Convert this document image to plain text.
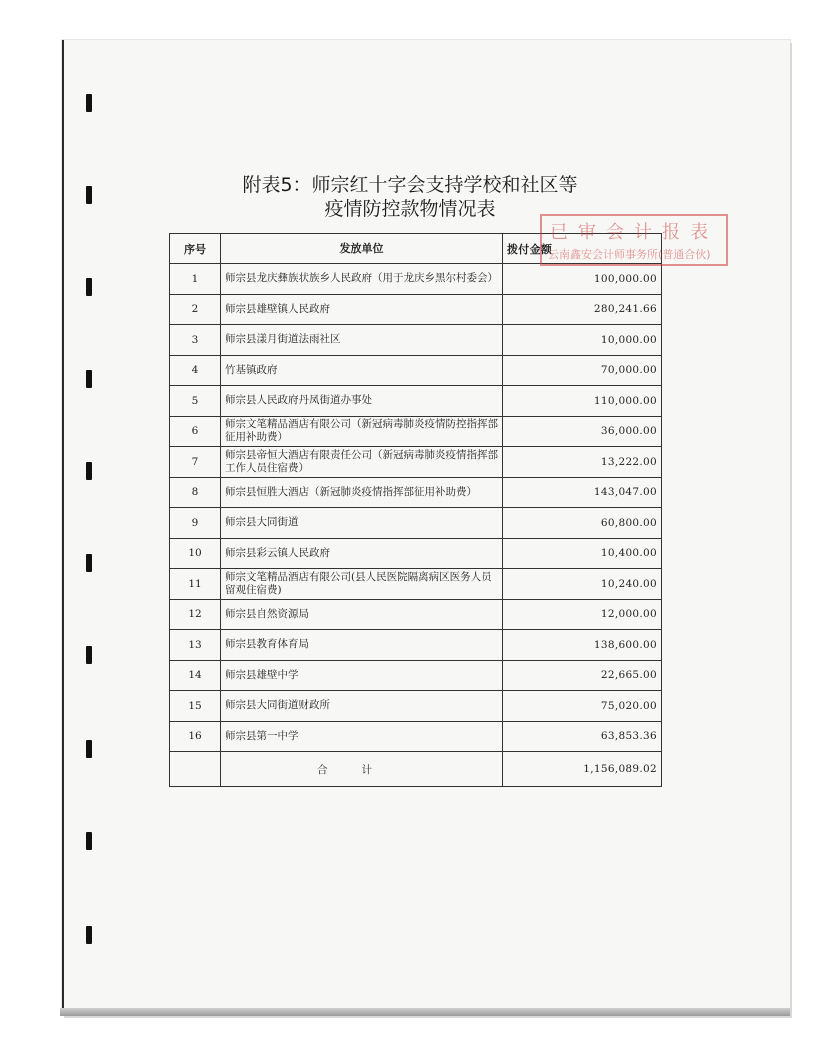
附表5：师宗红十字会支持学校和社区等
疫情防控款物情况表
序号	发放单位	拨付金额
1	师宗县龙庆彝族状族乡人民政府（用于龙庆乡黑尔村委会）	100,000.00
2	师宗县雄壁镇人民政府	280,241.66
3	师宗县漾月街道法雨社区	10,000.00
4	竹基镇政府	70,000.00
5	师宗县人民政府丹凤街道办事处	110,000.00
6	师宗文笔精品酒店有限公司（新冠病毒肺炎疫情防控指挥部征用补助费）	36,000.00
7	师宗县帝恒大酒店有限责任公司（新冠病毒肺炎疫情指挥部工作人员住宿费）	13,222.00
8	师宗县恒胜大酒店（新冠肺炎疫情指挥部征用补助费）	143,047.00
9	师宗县大同街道	60,800.00
10	师宗县彩云镇人民政府	10,400.00
11	师宗文笔精品酒店有限公司(县人民医院隔离病区医务人员留观住宿费)	10,240.00
12	师宗县自然资源局	12,000.00
13	师宗县教育体育局	138,600.00
14	师宗县雄壁中学	22,665.00
15	师宗县大同街道财政所	75,020.00
16	师宗县第一中学	63,853.36
	合计	1,156,089.02
已审会计报表
云南鑫安会计师事务所(普通合伙)
